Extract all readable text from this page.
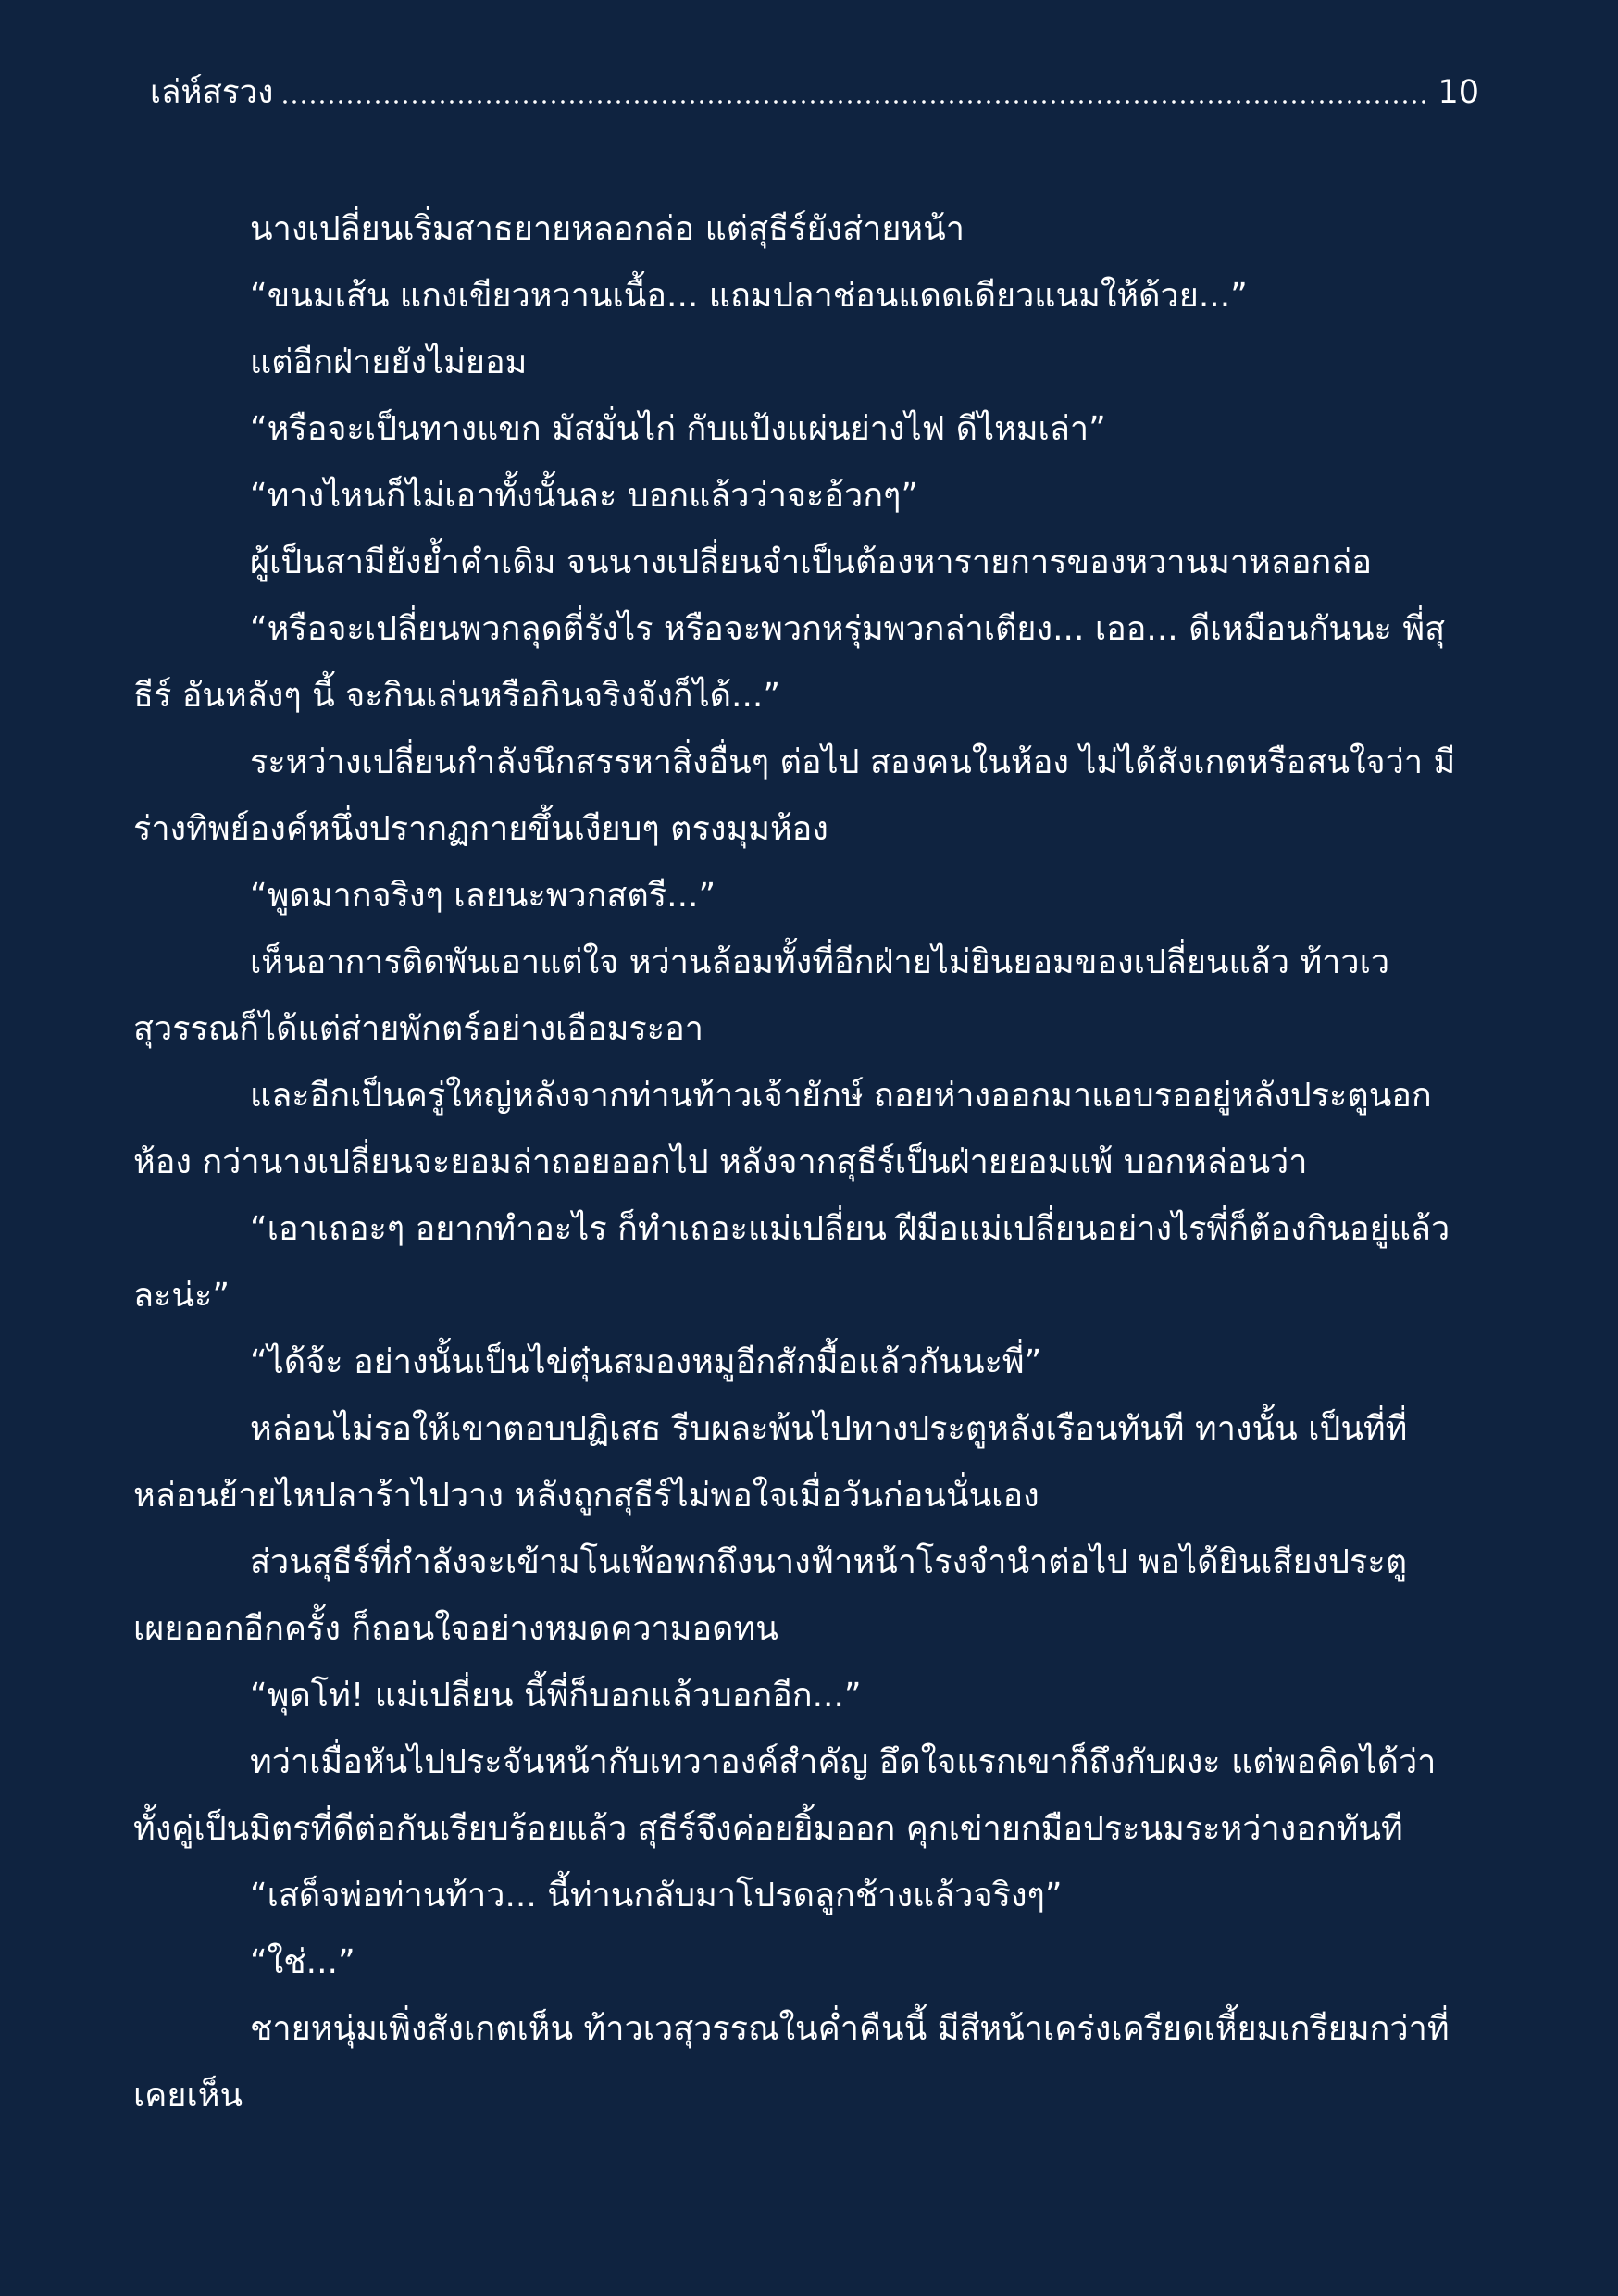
เล่ห์สรวง	10

นางเปลี่ยนเริ่มสาธยายหลอกล่อ แต่สุธีร์ยังส่ายหน้า

“ขนมเส้น แกงเขียวหวานเนื้อ... แถมปลาช่อนแดดเดียวแนมให้ด้วย...”

แต่อีกฝ่ายยังไม่ยอม

“หรือจะเป็นทางแขก มัสมั่นไก่ กับแป้งแผ่นย่างไฟ ดีไหมเล่า”

“ทางไหนก็ไม่เอาทั้งนั้นละ บอกแล้วว่าจะอ้วกๆ”

ผู้เป็นสามียังย้ำคำเดิม จนนางเปลี่ยนจำเป็นต้องหารายการของหวานมาหลอกล่อ

“หรือจะเปลี่ยนพวกลุดตี่รังไร หรือจะพวกหรุ่มพวกล่าเตียง... เออ... ดีเหมือนกันนะ พี่สุธีร์ อันหลังๆ นี้ จะกินเล่นหรือกินจริงจังก็ได้...”

ระหว่างเปลี่ยนกำลังนึกสรรหาสิ่งอื่นๆ ต่อไป สองคนในห้อง ไม่ได้สังเกตหรือสนใจว่า มีร่างทิพย์องค์หนึ่งปรากฏกายขึ้นเงียบๆ ตรงมุมห้อง

“พูดมากจริงๆ เลยนะพวกสตรี...”

เห็นอาการติดพันเอาแต่ใจ หว่านล้อมทั้งที่อีกฝ่ายไม่ยินยอมของเปลี่ยนแล้ว ท้าวเวสุวรรณก็ได้แต่ส่ายพักตร์อย่างเอือมระอา

และอีกเป็นครู่ใหญ่หลังจากท่านท้าวเจ้ายักษ์ ถอยห่างออกมาแอบรออยู่หลังประตูนอกห้อง กว่านางเปลี่ยนจะยอมล่าถอยออกไป หลังจากสุธีร์เป็นฝ่ายยอมแพ้ บอกหล่อนว่า

“เอาเถอะๆ อยากทำอะไร ก็ทำเถอะแม่เปลี่ยน ฝีมือแม่เปลี่ยนอย่างไรพี่ก็ต้องกินอยู่แล้วละน่ะ”

“ได้จ้ะ อย่างนั้นเป็นไข่ตุ๋นสมองหมูอีกสักมื้อแล้วกันนะพี่”

หล่อนไม่รอให้เขาตอบปฏิเสธ รีบผละพ้นไปทางประตูหลังเรือนทันที ทางนั้น เป็นที่ที่หล่อนย้ายไหปลาร้าไปวาง หลังถูกสุธีร์ไม่พอใจเมื่อวันก่อนนั่นเอง

ส่วนสุธีร์ที่กำลังจะเข้ามโนเพ้อพกถึงนางฟ้าหน้าโรงจำนำต่อไป พอได้ยินเสียงประตูเผยออกอีกครั้ง ก็ถอนใจอย่างหมดความอดทน

“พุดโท่! แม่เปลี่ยน นี้พี่ก็บอกแล้วบอกอีก...”

ทว่าเมื่อหันไปประจันหน้ากับเทวาองค์สำคัญ อึดใจแรกเขาก็ถึงกับผงะ แต่พอคิดได้ว่าทั้งคู่เป็นมิตรที่ดีต่อกันเรียบร้อยแล้ว สุธีร์จึงค่อยยิ้มออก คุกเข่ายกมือประนมระหว่างอกทันที

“เสด็จพ่อท่านท้าว... นี้ท่านกลับมาโปรดลูกช้างแล้วจริงๆ”

“ใช่...”

ชายหนุ่มเพิ่งสังเกตเห็น ท้าวเวสุวรรณในค่ำคืนนี้ มีสีหน้าเคร่งเครียดเหี้ยมเกรียมกว่าที่เคยเห็น
